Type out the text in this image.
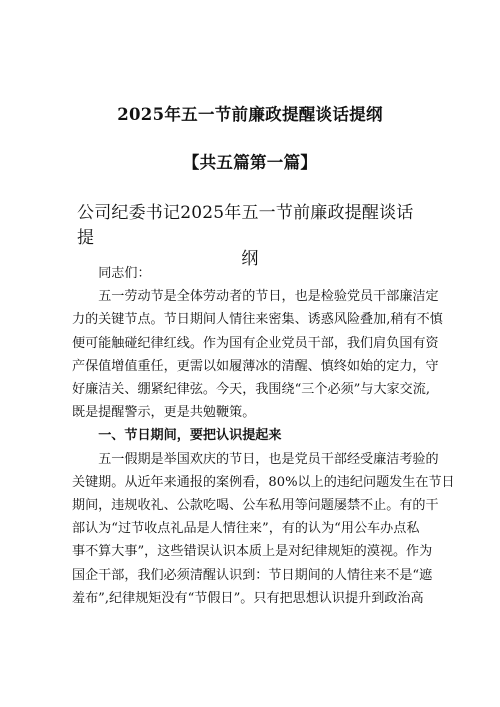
2025年五一节前廉政提醒谈话提纲
【共五篇第一篇】
公司纪委书记2025年五一节前廉政提醒谈话提
纲

同志们：

五一劳动节是全体劳动者的节日，也是检验党员干部廉洁定
力的关键节点。节日期间人情往来密集、诱惑风险叠加,稍有不慎
便可能触碰纪律红线。作为国有企业党员干部，我们肩负国有资
产保值增值重任，更需以如履薄冰的清醒、慎终如始的定力，守
好廉洁关、绷紧纪律弦。今天，我围绕“三个必须”与大家交流,
既是提醒警示，更是共勉鞭策。

一、节日期间，要把认识提起来

五一假期是举国欢庆的节日，也是党员干部经受廉洁考验的
关键期。从近年来通报的案例看，80%以上的违纪问题发生在节日
期间，违规收礼、公款吃喝、公车私用等问题屡禁不止。有的干
部认为“过节收点礼品是人情往来”，有的认为“用公车办点私
事不算大事”，这些错误认识本质上是对纪律规矩的漠视。作为
国企干部，我们必须清醒认识到：节日期间的人情往来不是“遮
羞布”,纪律规矩没有“节假日”。只有把思想认识提升到政治高
